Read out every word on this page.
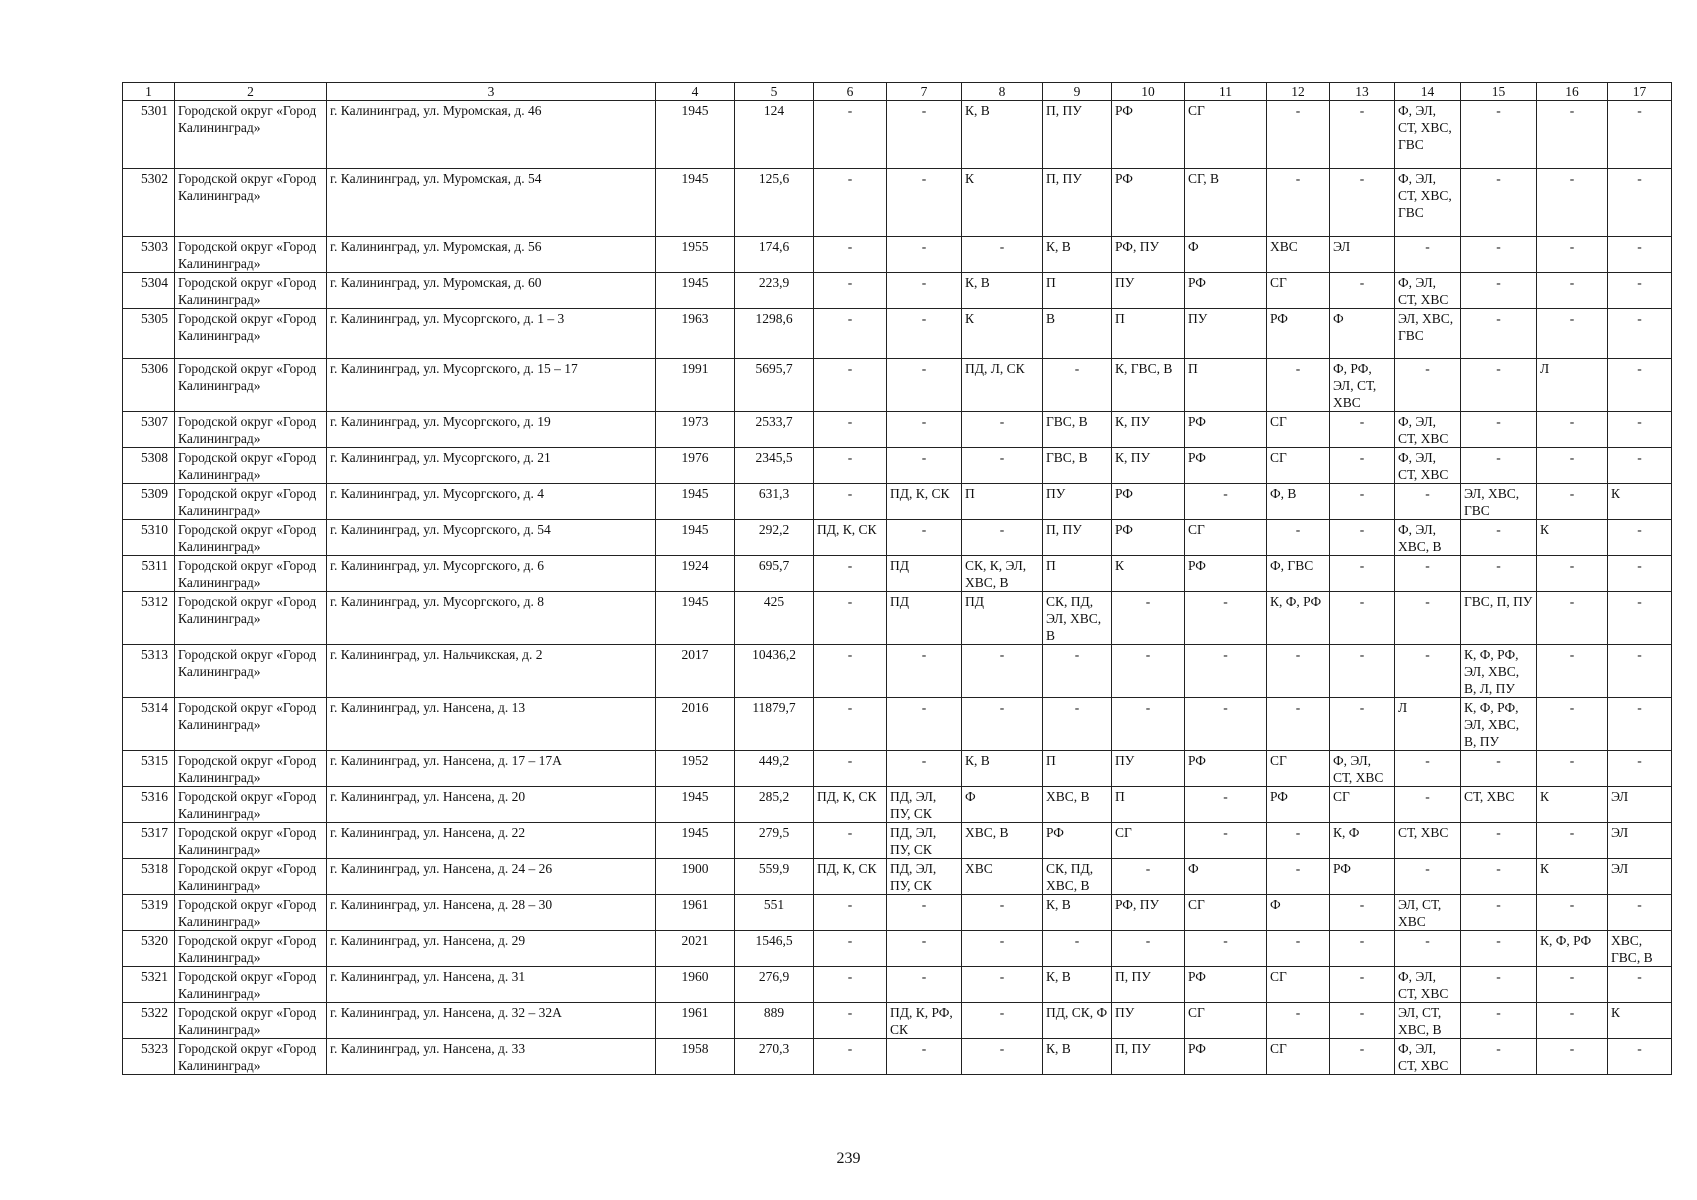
1	2	3	4	5	6	7	8	9	10	11	12	13	14	15	16	17
5301	Городской округ «Город Калининград»	г. Калининград, ул. Муромская, д. 46	1945	124	-	-	К, В	П, ПУ	РФ	СГ	-	-	Ф, ЭЛ, СТ, ХВС, ГВС	-	-	-
5302	Городской округ «Город Калининград»	г. Калининград, ул. Муромская, д. 54	1945	125,6	-	-	К	П, ПУ	РФ	СГ, В	-	-	Ф, ЭЛ, СТ, ХВС, ГВС	-	-	-
5303	Городской округ «Город Калининград»	г. Калининград, ул. Муромская, д. 56	1955	174,6	-	-	-	К, В	РФ, ПУ	Ф	ХВС	ЭЛ	-	-	-	-
5304	Городской округ «Город Калининград»	г. Калининград, ул. Муромская, д. 60	1945	223,9	-	-	К, В	П	ПУ	РФ	СГ	-	Ф, ЭЛ, СТ, ХВС	-	-	-
5305	Городской округ «Город Калининград»	г. Калининград, ул. Мусоргского, д. 1 – 3	1963	1298,6	-	-	К	В	П	ПУ	РФ	Ф	ЭЛ, ХВС, ГВС	-	-	-
5306	Городской округ «Город Калининград»	г. Калининград, ул. Мусоргского, д. 15 – 17	1991	5695,7	-	-	ПД, Л, СК	-	К, ГВС, В	П	-	Ф, РФ, ЭЛ, СТ, ХВС	-	-	Л	-
5307	Городской округ «Город Калининград»	г. Калининград, ул. Мусоргского, д. 19	1973	2533,7	-	-	-	ГВС, В	К, ПУ	РФ	СГ	-	Ф, ЭЛ, СТ, ХВС	-	-	-
5308	Городской округ «Город Калининград»	г. Калининград, ул. Мусоргского, д. 21	1976	2345,5	-	-	-	ГВС, В	К, ПУ	РФ	СГ	-	Ф, ЭЛ, СТ, ХВС	-	-	-
5309	Городской округ «Город Калининград»	г. Калининград, ул. Мусоргского, д. 4	1945	631,3	-	ПД, К, СК	П	ПУ	РФ	-	Ф, В	-	-	ЭЛ, ХВС, ГВС	-	К
5310	Городской округ «Город Калининград»	г. Калининград, ул. Мусоргского, д. 54	1945	292,2	ПД, К, СК	-	-	П, ПУ	РФ	СГ	-	-	Ф, ЭЛ, ХВС, В	-	К	-
5311	Городской округ «Город Калининград»	г. Калининград, ул. Мусоргского, д. 6	1924	695,7	-	ПД	СК, К, ЭЛ, ХВС, В	П	К	РФ	Ф, ГВС	-	-	-	-	-
5312	Городской округ «Город Калининград»	г. Калининград, ул. Мусоргского, д. 8	1945	425	-	ПД	ПД	СК, ПД, ЭЛ, ХВС, В	-	-	К, Ф, РФ	-	-	ГВС, П, ПУ	-	-
5313	Городской округ «Город Калининград»	г. Калининград, ул. Нальчикская, д. 2	2017	10436,2	-	-	-	-	-	-	-	-	-	К, Ф, РФ, ЭЛ, ХВС, В, Л, ПУ	-	-
5314	Городской округ «Город Калининград»	г. Калининград, ул. Нансена, д. 13	2016	11879,7	-	-	-	-	-	-	-	-	Л	К, Ф, РФ, ЭЛ, ХВС, В, ПУ	-	-
5315	Городской округ «Город Калининград»	г. Калининград, ул. Нансена, д. 17 – 17А	1952	449,2	-	-	К, В	П	ПУ	РФ	СГ	Ф, ЭЛ, СТ, ХВС	-	-	-	-
5316	Городской округ «Город Калининград»	г. Калининград, ул. Нансена, д. 20	1945	285,2	ПД, К, СК	ПД, ЭЛ, ПУ, СК	Ф	ХВС, В	П	-	РФ	СГ	-	СТ, ХВС	К	ЭЛ
5317	Городской округ «Город Калининград»	г. Калининград, ул. Нансена, д. 22	1945	279,5	-	ПД, ЭЛ, ПУ, СК	ХВС, В	РФ	СГ	-	-	К, Ф	СТ, ХВС	-	-	ЭЛ
5318	Городской округ «Город Калининград»	г. Калининград, ул. Нансена, д. 24 – 26	1900	559,9	ПД, К, СК	ПД, ЭЛ, ПУ, СК	ХВС	СК, ПД, ХВС, В	-	Ф	-	РФ	-	-	К	ЭЛ
5319	Городской округ «Город Калининград»	г. Калининград, ул. Нансена, д. 28 – 30	1961	551	-	-	-	К, В	РФ, ПУ	СГ	Ф	-	ЭЛ, СТ, ХВС	-	-	-
5320	Городской округ «Город Калининград»	г. Калининград, ул. Нансена, д. 29	2021	1546,5	-	-	-	-	-	-	-	-	-	-	К, Ф, РФ	ХВС, ГВС, В
5321	Городской округ «Город Калининград»	г. Калининград, ул. Нансена, д. 31	1960	276,9	-	-	-	К, В	П, ПУ	РФ	СГ	-	Ф, ЭЛ, СТ, ХВС	-	-	-
5322	Городской округ «Город Калининград»	г. Калининград, ул. Нансена, д. 32 – 32А	1961	889	-	ПД, К, РФ, СК	-	ПД, СК, Ф	ПУ	СГ	-	-	ЭЛ, СТ, ХВС, В	-	-	К
5323	Городской округ «Город Калининград»	г. Калининград, ул. Нансена, д. 33	1958	270,3	-	-	-	К, В	П, ПУ	РФ	СГ	-	Ф, ЭЛ, СТ, ХВС	-	-	-
239
